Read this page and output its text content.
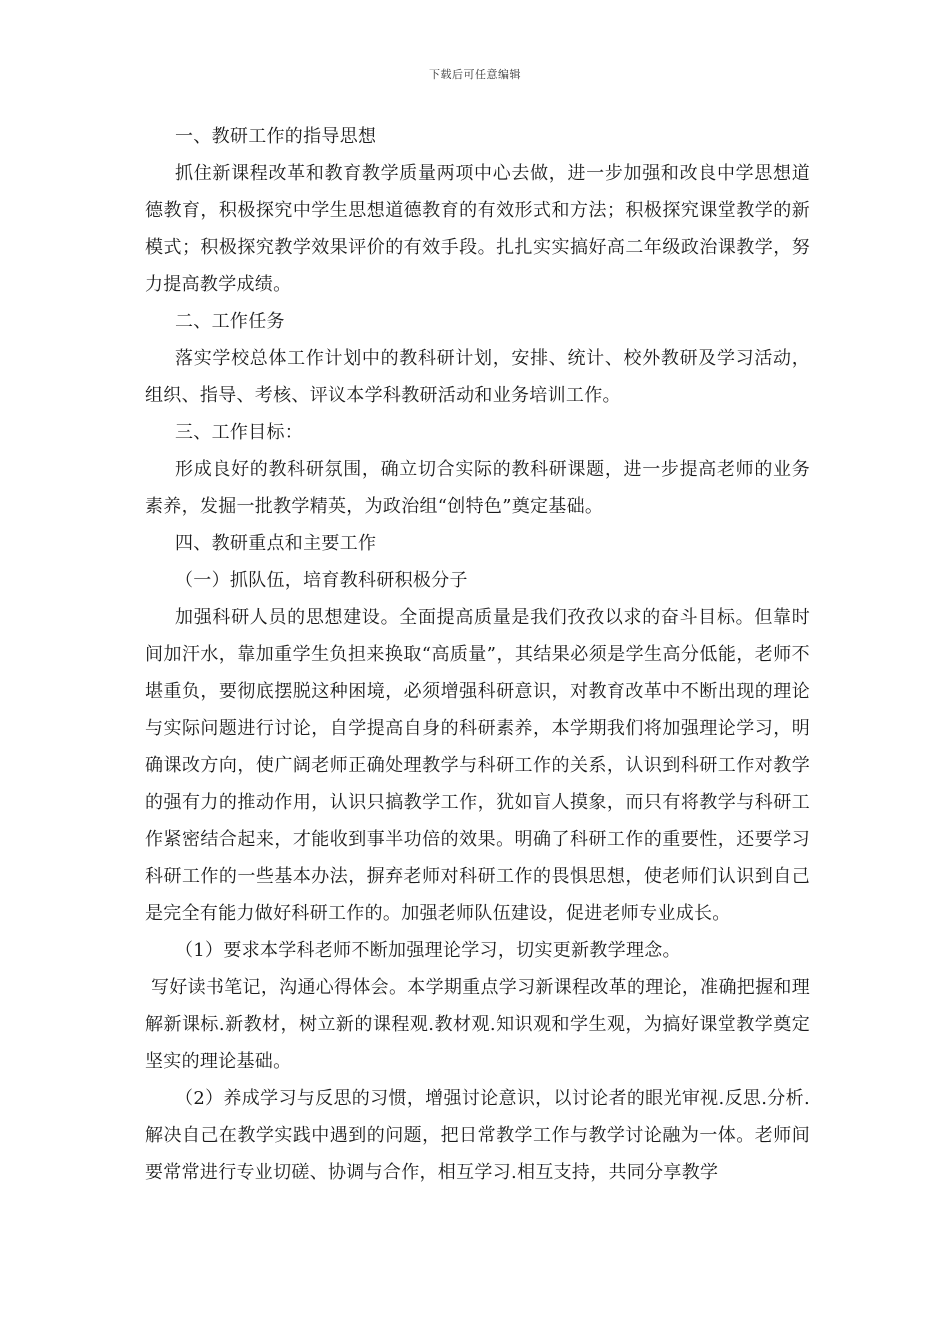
下载后可任意编辑

一、教研工作的指导思想

抓住新课程改革和教育教学质量两项中心去做，进一步加强和改良中学思想道德教育，积极探究中学生思想道德教育的有效形式和方法；积极探究课堂教学的新模式；积极探究教学效果评价的有效手段。扎扎实实搞好高二年级政治课教学，努力提高教学成绩。

二、工作任务

落实学校总体工作计划中的教科研计划，安排、统计、校外教研及学习活动，组织、指导、考核、评议本学科教研活动和业务培训工作。

三、工作目标：

形成良好的教科研氛围，确立切合实际的教科研课题，进一步提高老师的业务素养，发掘一批教学精英，为政治组“创特色”奠定基础。

四、教研重点和主要工作

（一）抓队伍，培育教科研积极分子

加强科研人员的思想建设。全面提高质量是我们孜孜以求的奋斗目标。但靠时间加汗水，靠加重学生负担来换取“高质量”，其结果必须是学生高分低能，老师不堪重负，要彻底摆脱这种困境，必须增强科研意识，对教育改革中不断出现的理论与实际问题进行讨论，自学提高自身的科研素养，本学期我们将加强理论学习，明确课改方向，使广阔老师正确处理教学与科研工作的关系，认识到科研工作对教学的强有力的推动作用，认识只搞教学工作，犹如盲人摸象，而只有将教学与科研工作紧密结合起来，才能收到事半功倍的效果。明确了科研工作的重要性，还要学习科研工作的一些基本办法，摒弃老师对科研工作的畏惧思想，使老师们认识到自己是完全有能力做好科研工作的。加强老师队伍建设，促进老师专业成长。

（1）要求本学科老师不断加强理论学习，切实更新教学理念。

写好读书笔记，沟通心得体会。本学期重点学习新课程改革的理论，准确把握和理解新课标.新教材，树立新的课程观.教材观.知识观和学生观，为搞好课堂教学奠定坚实的理论基础。

（2）养成学习与反思的习惯，增强讨论意识，以讨论者的眼光审视.反思.分析.解决自己在教学实践中遇到的问题，把日常教学工作与教学讨论融为一体。老师间要常常进行专业切磋、协调与合作，相互学习.相互支持，共同分享教学
